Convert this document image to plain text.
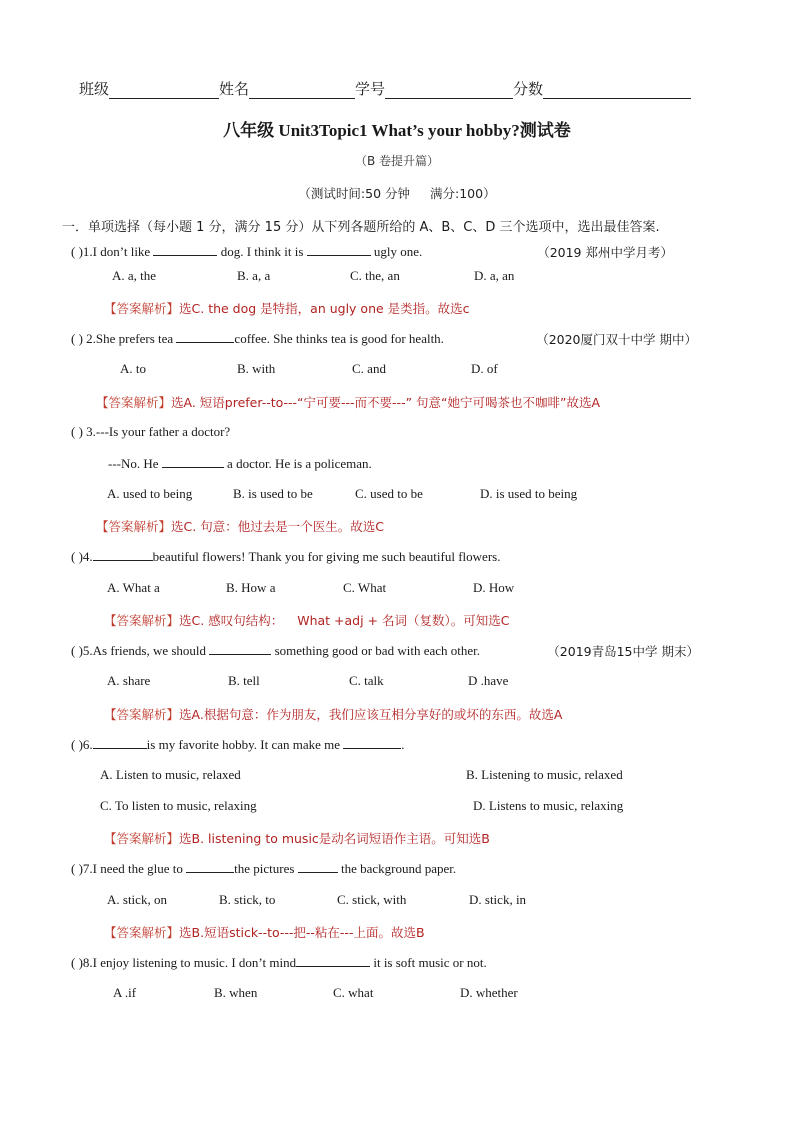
班级	姓名	学号	分数
八年级 Unit3Topic1 What’s your hobby?测试卷
（B 卷提升篇）
（测试时间:50 分钟 满分:100）
一．单项选择（每小题 1 分，满分 15 分）从下列各题所给的 A、B、C、D 三个选项中，选出最佳答案.
( )1.I don’t like	dog. I think it is	ugly one.	（2019 郑州中学月考）
A. a, the	B. a, a	C. the, an	D. a, an
【答案解析】选C. the dog 是特指，an ugly one 是类指。故选c
( ) 2.She prefers tea	coffee. She thinks tea is good for health.	（2020厦门双十中学 期中）
A. to	B. with	C. and	D. of
【答案解析】选A. 短语prefer--to---“宁可要---而不要---” 句意“她宁可喝茶也不咖啡”故选A
( ) 3.---Is your father a doctor?
---No. He	a doctor. He is a policeman.
A. used to being	B. is used to be	C. used to be	D. is used to being
【答案解析】选C. 句意：他过去是一个医生。故选C
( )4.	beautiful flowers! Thank you for giving me such beautiful flowers.
A. What a	B. How a	C. What	D. How
【答案解析】选C. 感叹句结构： What +adj + 名词（复数）。可知选C
( )5.As friends, we should	something good or bad with each other.	（2019青岛15中学 期末）
A. share	B. tell	C. talk	D .have
【答案解析】选A.根据句意：作为朋友，我们应该互相分享好的或坏的东西。故选A
( )6.	is my favorite hobby. It can make me	.
A. Listen to music, relaxed	B. Listening to music, relaxed
C. To listen to music, relaxing	D. Listens to music, relaxing
【答案解析】选B. listening to music是动名词短语作主语。可知选B
( )7.I need the glue to	the pictures	the background paper.
A. stick, on	B. stick, to	C. stick, with	D. stick, in
【答案解析】选B.短语stick--to---把--粘在---上面。故选B
( )8.I enjoy listening to music. I don’t mind	it is soft music or not.
A .if	B. when	C. what	D. whether
